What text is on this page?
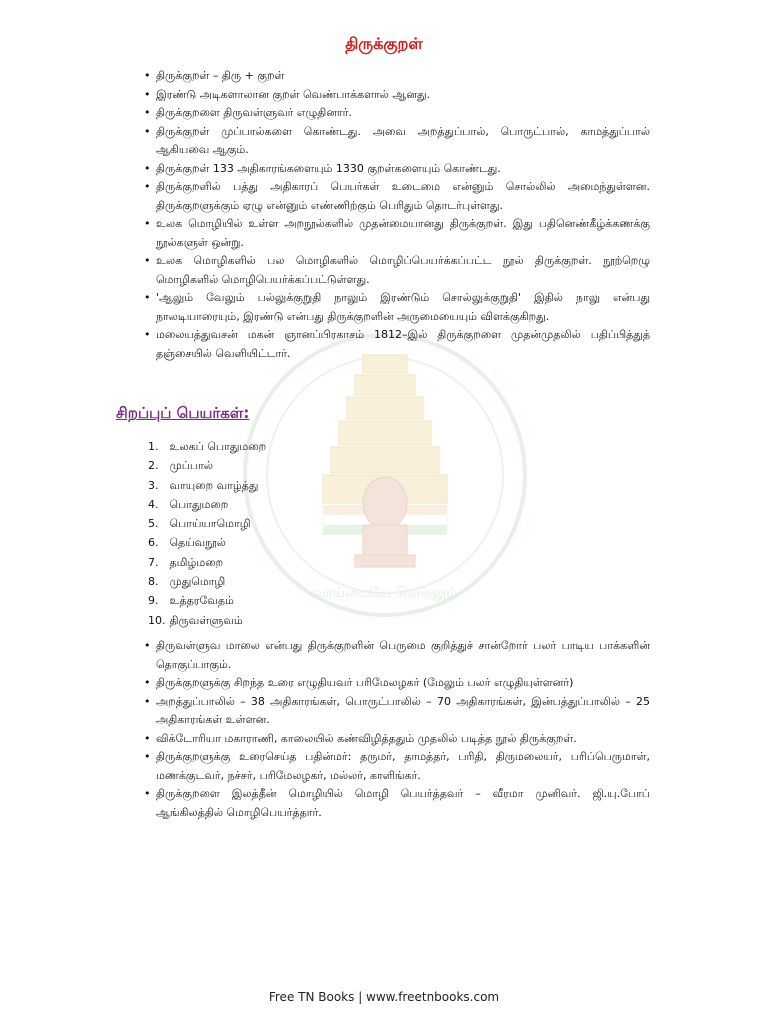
வாய்மையே வெல்லும்
திருக்குறள்
• திருக்குறள் – திரு + குறள்
• இரண்டு அடிகளாலான குறள் வெண்பாக்களால் ஆனது.
• திருக்குறளை திருவள்ளுவர் எழுதினார்.
• திருக்குறள் முப்பால்களை கொண்டது. அவை அறத்துப்பால், பொருட்பால், காமத்துப்பால் ஆகியவை ஆகும்.
• திருக்குறள் 133 அதிகாரங்களையும் 1330 குறள்களையும் கொண்டது.
• திருக்குறளில் பத்து அதிகாரப் பெயர்கள் உடைமை என்னும் சொல்லில் அமைந்துள்ளன. திருக்குறளுக்கும் ஏழு என்னும் எண்ணிற்கும் பெரிதும் தொடர்புள்ளது.
• உலக மொழியில் உள்ள அறநூல்களில் முதன்மையானது திருக்குறள். இது பதினெண்கீழ்க்கணக்கு நூல்களுள் ஒன்று.
• உலக மொழிகளில் பல மொழிகளில் மொழிப்பெயர்க்கப்பட்ட நூல் திருக்குறள். நூற்றெழு மொழிகளில் மொழிபெயர்க்கப்பட்டுள்ளது.
• 'ஆலும் வேலும் பல்லுக்குறுதி நாலும் இரண்டும் சொல்லுக்குறுதி' இதில் நாலு என்பது நாலடியாரையும், இரண்டு என்பது திருக்குறளின் அருமையையும் விளக்குகிறது.
• மலையத்துவசன் மகன் ஞானப்பிரகாசம் 1812–இல் திருக்குறளை முதன்முதலில் பதிப்பித்துத் தஞ்சையில் வெளியிட்டார்.
சிறப்புப் பெயர்கள்:
1. உலகப் பொதுமறை
2. முப்பால்
3. வாயுறை வாழ்த்து
4. பொதுமறை
5. பொய்யாமொழி
6. தெய்வநூல்
7. தமிழ்மறை
8. முதுமொழி
9. உத்தரவேதம்
10. திருவள்ளுவம்
• திருவள்ளுவ மாலை என்பது திருக்குறளின் பெருமை குறித்துச் சான்றோர் பலர் பாடிய பாக்களின் தொகுப்பாகும்.
• திருக்குறளுக்கு சிறந்த உரை எழுதியவர் பரிமேலழகர் (மேலும் பலர் எழுதியுள்ளனர்)
• அறத்துப்பாலில் – 38 அதிகாரங்கள், பொருட்பாலில் – 70 அதிகாரங்கள், இன்பத்துப்பாலில் – 25 அதிகாரங்கள் உள்ளன.
• விக்டோரியா மகாராணி, காலையில் கண்விழித்ததும் முதலில் படித்த நூல் திருக்குறள்.
• திருக்குறளுக்கு உரைசெய்த பதின்மர்: தருமர், தாமத்தர், பரிதி, திருமலையர், பரிப்பெருமாள், மணக்குடவர், நச்சர், பரிமேலழகர், மல்லர், காளிங்கர்.
• திருக்குறளை இலத்தீன் மொழியில் மொழி பெயர்த்தவர் – வீரமா முனிவர். ஜி.யு.போப் ஆங்கிலத்தில் மொழிபெயர்த்தார்.

Free TN Books | www.freetnbooks.com
